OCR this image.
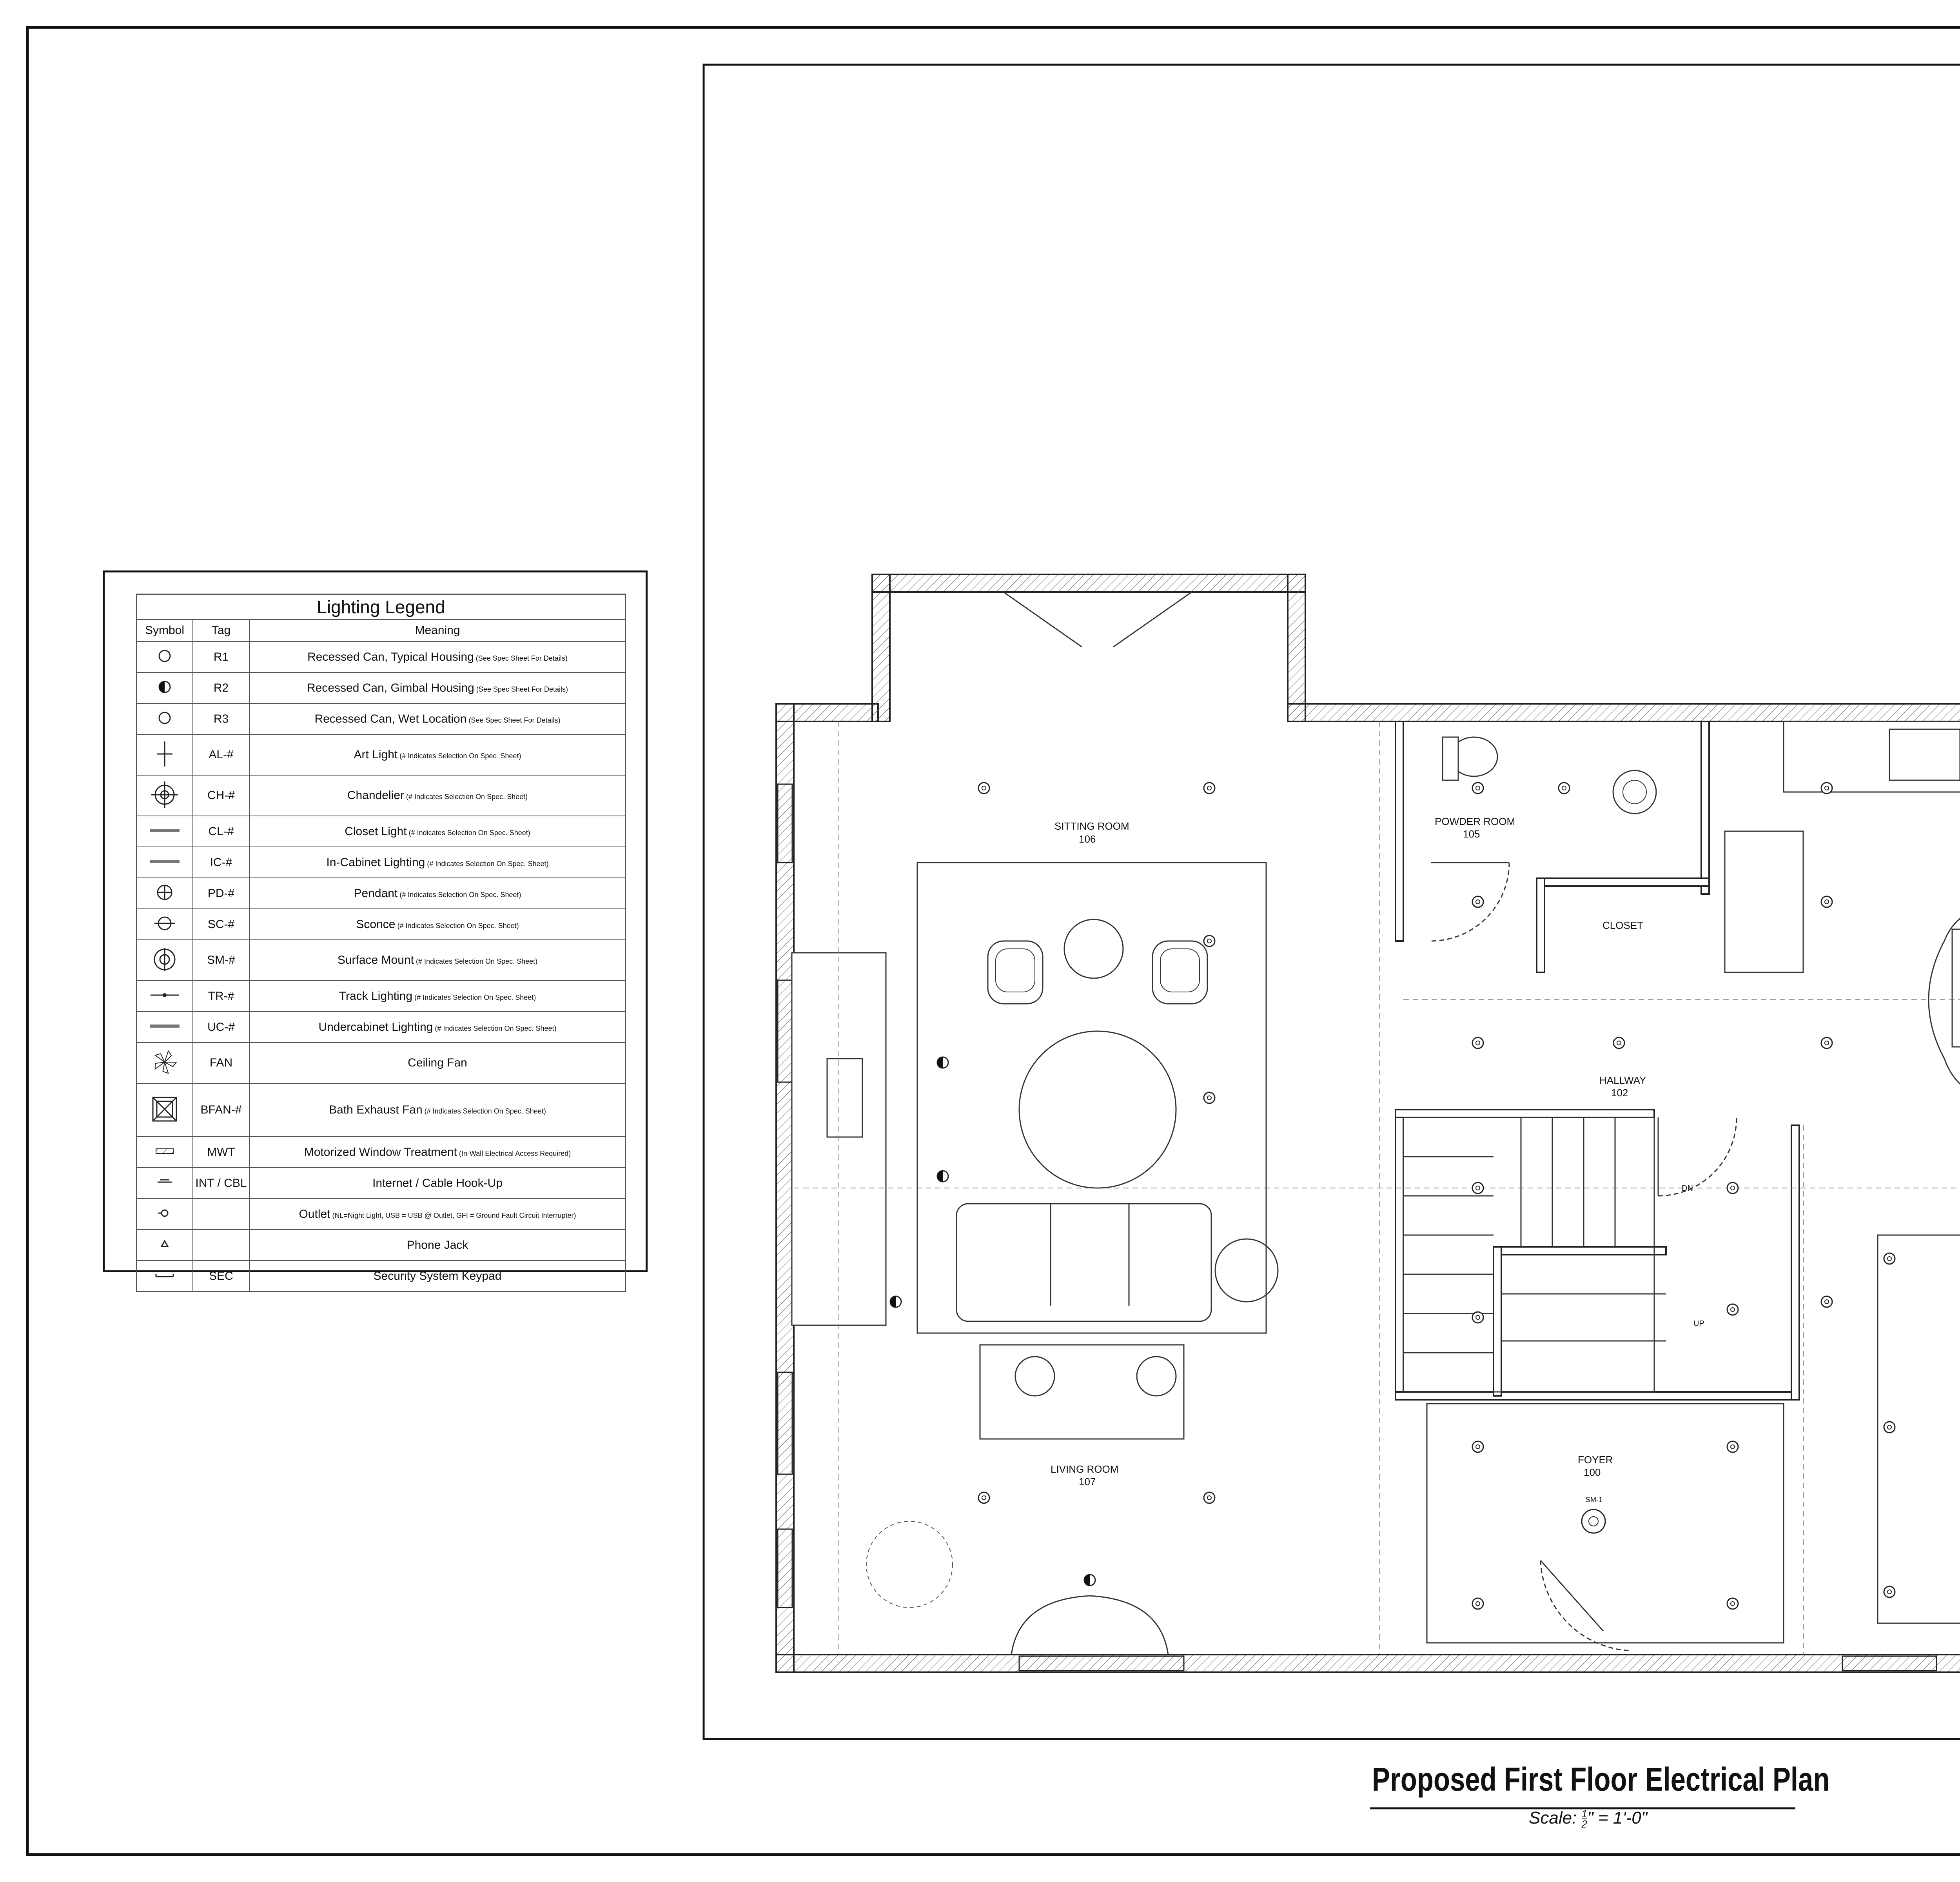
SITTING ROOM
106
POWDER ROOM
105
CLOSET
HALLWAY
102
LIVING ROOM
107
FOYER
100
DN
UP
SM-1
Lighting Legend
Symbol	Tag	Meaning
	R1	Recessed Can, Typical Housing (See Spec Sheet For Details)
	R2	Recessed Can, Gimbal Housing (See Spec Sheet For Details)
	R3	Recessed Can, Wet Location (See Spec Sheet For Details)
	AL-#	Art Light (# Indicates Selection On Spec. Sheet)
	CH-#	Chandelier (# Indicates Selection On Spec. Sheet)
	CL-#	Closet Light (# Indicates Selection On Spec. Sheet)
	IC-#	In-Cabinet Lighting (# Indicates Selection On Spec. Sheet)
	PD-#	Pendant (# Indicates Selection On Spec. Sheet)
	SC-#	Sconce (# Indicates Selection On Spec. Sheet)
	SM-#	Surface Mount (# Indicates Selection On Spec. Sheet)
	TR-#	Track Lighting (# Indicates Selection On Spec. Sheet)
	UC-#	Undercabinet Lighting (# Indicates Selection On Spec. Sheet)
	FAN	Ceiling Fan
	BFAN-#	Bath Exhaust Fan (# Indicates Selection On Spec. Sheet)
	MWT	Motorized Window Treatment (In-Wall Electrical Access Required)
	INT / CBL	Internet / Cable Hook-Up
		Outlet (NL=Night Light, USB = USB @ Outlet, GFI = Ground Fault Circuit Interrupter)
		Phone Jack
	SEC	Security System Keypad
Proposed First Floor Electrical Plan
Scale: $\frac{1}{2}$ " = 1'-0"
